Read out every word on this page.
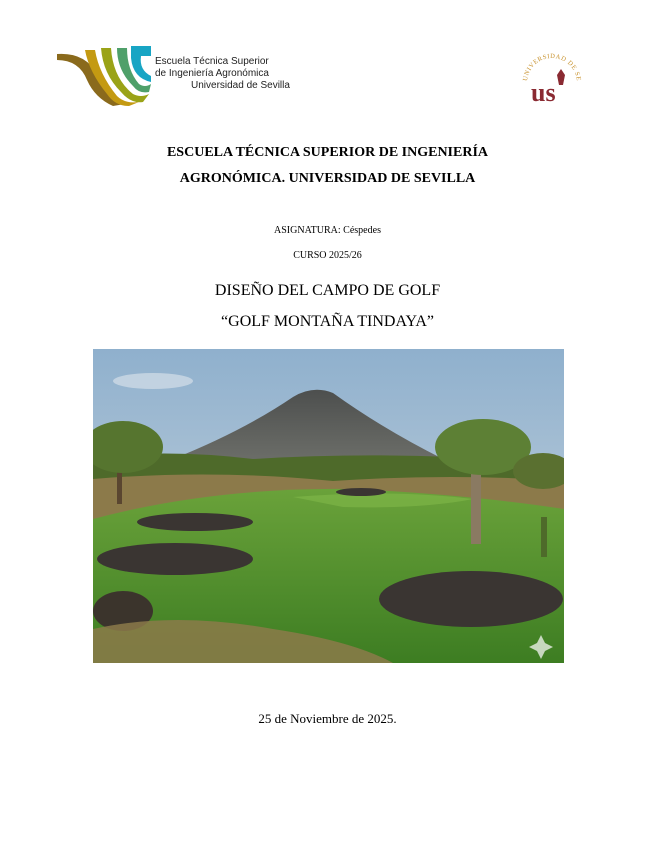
Escuela Técnica Superior
de Ingeniería Agronómica
Universidad de Sevilla
UNIVERSIDAD DE SE
us
ESCUELA TÉCNICA SUPERIOR DE INGENIERÍA
AGRONÓMICA. UNIVERSIDAD DE SEVILLA
ASIGNATURA: Céspedes
CURSO 2025/26
DISEÑO DEL CAMPO DE GOLF
“GOLF MONTAÑA TINDAYA”
25 de Noviembre de 2025.
